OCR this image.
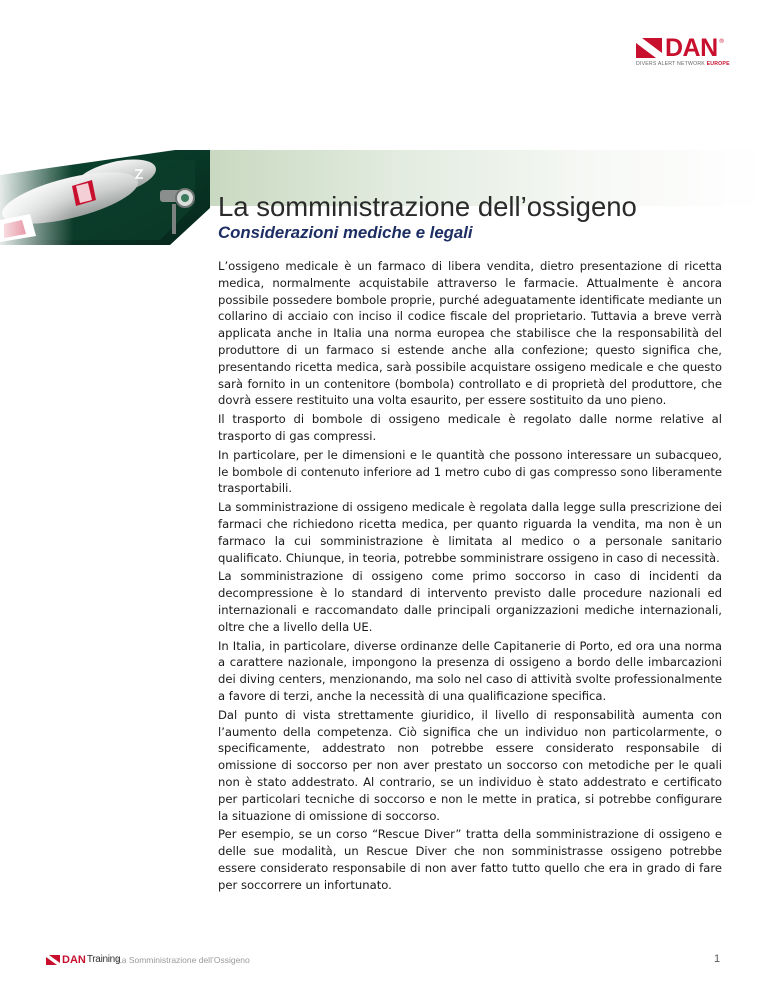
DAN ®
DIVERS ALERT NETWORK EUROPE
La somministrazione dell’ossigeno
Considerazioni mediche e legali

L’ossigeno medicale è un farmaco di libera vendita, dietro presentazione di ricetta medica, normalmente acquistabile attraverso le farmacie. Attualmente è ancora possibile possedere bombole proprie, purché adeguatamente identificate mediante un collarino di acciaio con inciso il codice fiscale del proprietario. Tuttavia a breve verrà applicata anche in Italia una norma europea che stabilisce che la responsabilità del produttore di un farmaco si estende anche alla confezione; questo significa che, presentando ricetta medica, sarà possibile acquistare ossigeno medicale e che questo sarà fornito in un contenitore (bombola) controllato e di proprietà del produttore, che dovrà essere restituito una volta esaurito, per essere sostituito da uno pieno.

Il trasporto di bombole di ossigeno medicale è regolato dalle norme relative al trasporto di gas compressi.

In particolare, per le dimensioni e le quantità che possono interessare un subacqueo, le bombole di contenuto inferiore ad 1 metro cubo di gas compresso sono liberamente trasportabili.

La somministrazione di ossigeno medicale è regolata dalla legge sulla prescrizione dei farmaci che richiedono ricetta medica, per quanto riguarda la vendita, ma non è un farmaco la cui somministrazione è limitata al medico o a personale sanitario qualificato. Chiunque, in teoria, potrebbe somministrare ossigeno in caso di necessità.

La somministrazione di ossigeno come primo soccorso in caso di incidenti da decompressione è lo standard di intervento previsto dalle procedure nazionali ed internazionali e raccomandato dalle principali organizzazioni mediche internazionali, oltre che a livello della UE.

In Italia, in particolare, diverse ordinanze delle Capitanerie di Porto, ed ora una norma a carattere nazionale, impongono la presenza di ossigeno a bordo delle imbarcazioni dei diving centers, menzionando, ma solo nel caso di attività svolte professionalmente a favore di terzi, anche la necessità di una qualificazione specifica.

Dal punto di vista strettamente giuridico, il livello di responsabilità aumenta con l’aumento della competenza. Ciò significa che un individuo non particolarmente, o specificamente, addestrato non potrebbe essere considerato responsabile di omissione di soccorso per non aver prestato un soccorso con metodiche per le quali non è stato addestrato. Al contrario, se un individuo è stato addestrato e certificato per particolari tecniche di soccorso e non le mette in pratica, si potrebbe configurare la situazione di omissione di soccorso.

Per esempio, se un corso “Rescue Diver” tratta della somministrazione di ossigeno e delle sue modalità, un Rescue Diver che non somministrasse ossigeno potrebbe essere considerato responsabile di non aver fatto tutto quello che era in grado di fare per soccorrere un infortunato.

DAN Training
La Somministrazione dell’Ossigeno	1
